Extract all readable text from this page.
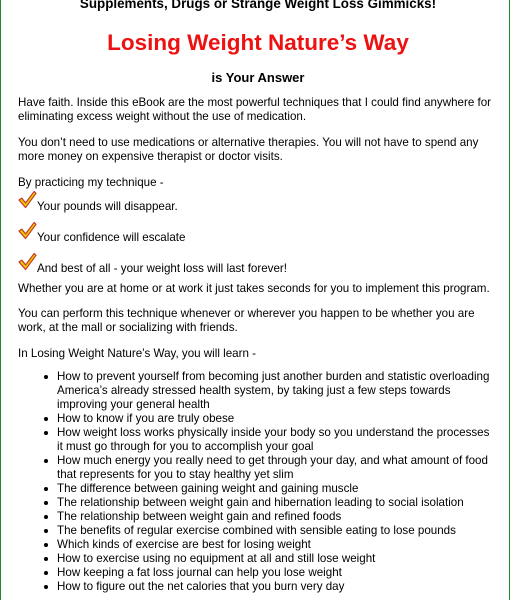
Supplements, Drugs or Strange Weight Loss Gimmicks!
Losing Weight Nature’s Way
is Your Answer

Have faith. Inside this eBook are the most powerful techniques that I could find anywhere for eliminating excess weight without the use of medication.

You don’t need to use medications or alternative therapies. You will not have to spend any more money on expensive therapist or doctor visits.

By practicing my technique -

Your pounds will disappear.
Your confidence will escalate
And best of all - your weight loss will last forever!

Whether you are at home or at work it just takes seconds for you to implement this program.

You can perform this technique whenever or wherever you happen to be whether you are work, at the mall or socializing with friends.

In Losing Weight Nature’s Way, you will learn -

How to prevent yourself from becoming just another burden and statistic overloading America’s already stressed health system, by taking just a few steps towards improving your general health
How to know if you are truly obese
How weight loss works physically inside your body so you understand the processes it must go through for you to accomplish your goal
How much energy you really need to get through your day, and what amount of food that represents for you to stay healthy yet slim
The difference between gaining weight and gaining muscle
The relationship between weight gain and hibernation leading to social isolation
The relationship between weight gain and refined foods
The benefits of regular exercise combined with sensible eating to lose pounds
Which kinds of exercise are best for losing weight
How to exercise using no equipment at all and still lose weight
How keeping a fat loss journal can help you lose weight
How to figure out the net calories that you burn very day
